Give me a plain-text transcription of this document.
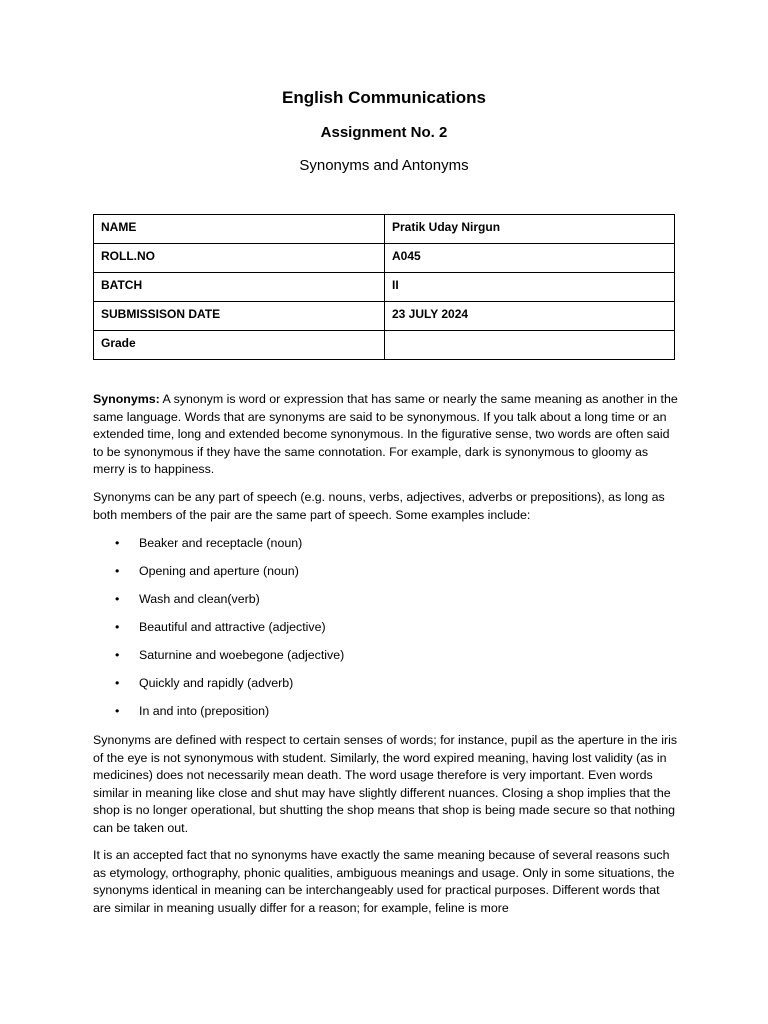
English Communications
Assignment No. 2
Synonyms and Antonyms
NAME	Pratik Uday Nirgun
ROLL.NO	A045
BATCH	II
SUBMISSISON DATE	23 JULY 2024
Grade	
Synonyms: A synonym is word or expression that has same or nearly the same meaning as another in the same language. Words that are synonyms are said to be synonymous. If you talk about a long time or an extended time, long and extended become synonymous. In the figurative sense, two words are often said to be synonymous if they have the same connotation. For example, dark is synonymous to gloomy as merry is to happiness.
Synonyms can be any part of speech (e.g. nouns, verbs, adjectives, adverbs or prepositions), as long as both members of the pair are the same part of speech. Some examples include:
• Beaker and receptacle (noun)
• Opening and aperture (noun)
• Wash and clean(verb)
• Beautiful and attractive (adjective)
• Saturnine and woebegone (adjective)
• Quickly and rapidly (adverb)
• In and into (preposition)
Synonyms are defined with respect to certain senses of words; for instance, pupil as the aperture in the iris of the eye is not synonymous with student. Similarly, the word expired meaning, having lost validity (as in medicines) does not necessarily mean death. The word usage therefore is very important. Even words similar in meaning like close and shut may have slightly different nuances. Closing a shop implies that the shop is no longer operational, but shutting the shop means that shop is being made secure so that nothing can be taken out.
It is an accepted fact that no synonyms have exactly the same meaning because of several reasons such as etymology, orthography, phonic qualities, ambiguous meanings and usage. Only in some situations, the synonyms identical in meaning can be interchangeably used for practical purposes. Different words that are similar in meaning usually differ for a reason; for example, feline is more
